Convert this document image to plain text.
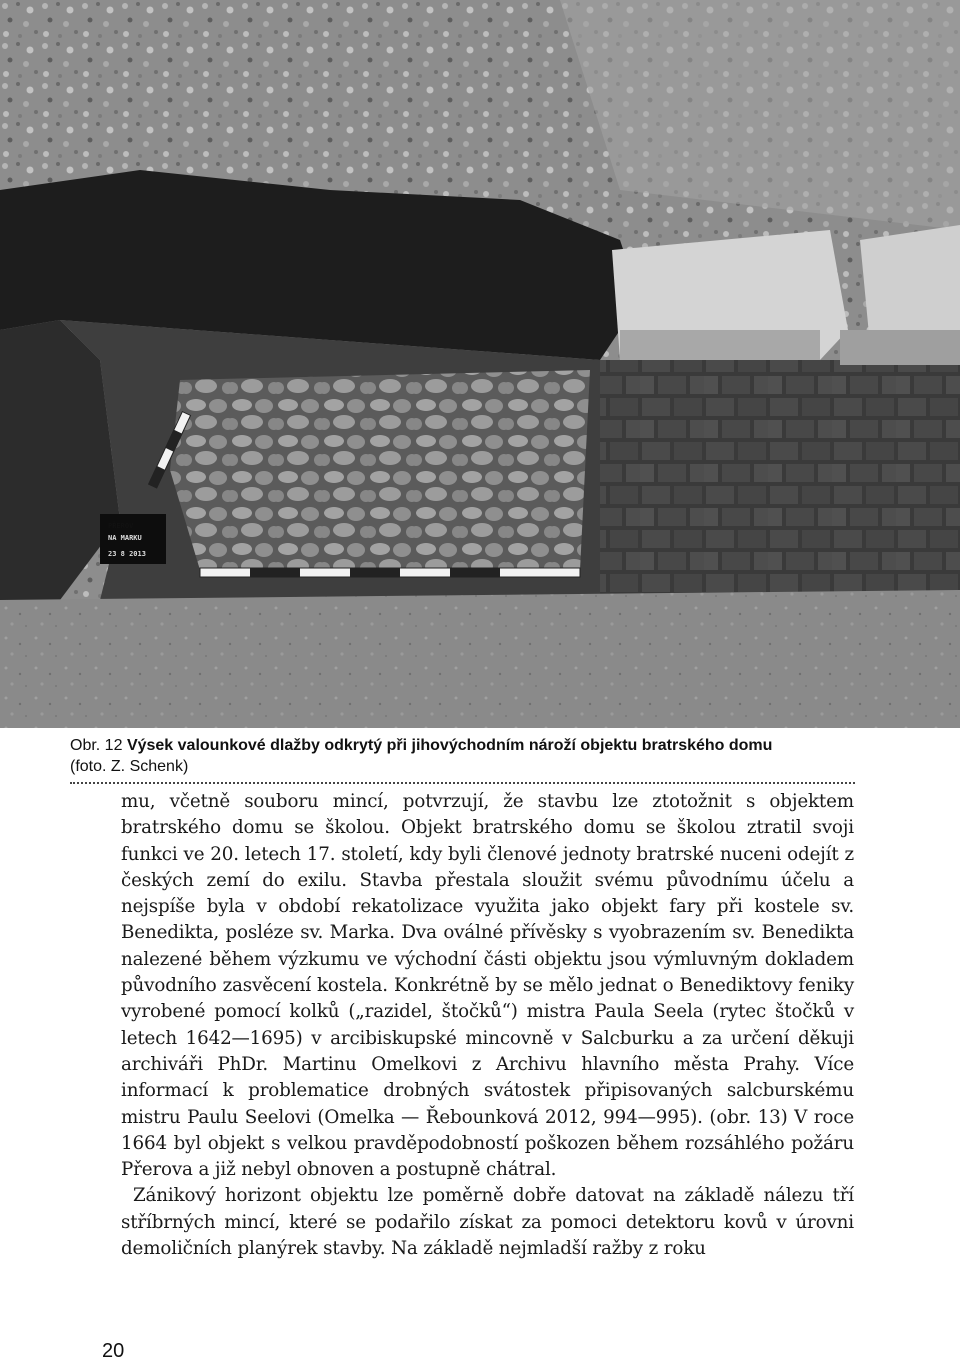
PŘEROV
NA MARKU
23 8 2013
Obr. 12 Výsek valounkové dlažby odkrytý při jihovýchodním nároží objektu bratrského domu
(foto. Z. Schenk)

mu, včetně souboru mincí, potvrzují, že stavbu lze ztotožnit s objektem bratrského domu se školou. Objekt bratrského domu se školou ztratil svoji funkci ve 20. letech 17. století, kdy byli členové jednoty bratrské nuceni odejít z českých zemí do exilu. Stavba přestala sloužit svému původnímu účelu a nejspíše byla v období rekatolizace využita jako objekt fary při kostele sv. Benedikta, posléze sv. Marka. Dva oválné přívěsky s vyobrazením sv. Benedikta nalezené během výzkumu ve východní části objektu jsou výmluvným dokladem původního zasvěcení kostela. Konkrétně by se mělo jednat o Benediktovy feniky vyrobené pomocí kolků („razidel, štočků“) mistra Paula Seela (rytec štočků v letech 1642—1695) v arcibiskupské mincovně v Salcburku a za určení děkuji archiváři PhDr. Martinu Omelkovi z Archivu hlavního města Prahy. Více informací k problematice drobných svátostek připisovaných salcburskému mistru Paulu Seelovi (Omelka — Řebounková 2012, 994—995). (obr. 13) V roce 1664 byl objekt s velkou pravděpodobností poškozen během rozsáhlého požáru Přerova a již nebyl obnoven a postupně chátral.

Zánikový horizont objektu lze poměrně dobře datovat na základě nálezu tří stříbrných mincí, které se podařilo získat za pomoci detektoru kovů v úrovni demoličních planýrek stavby. Na základě nejmladší ražby z roku

20
